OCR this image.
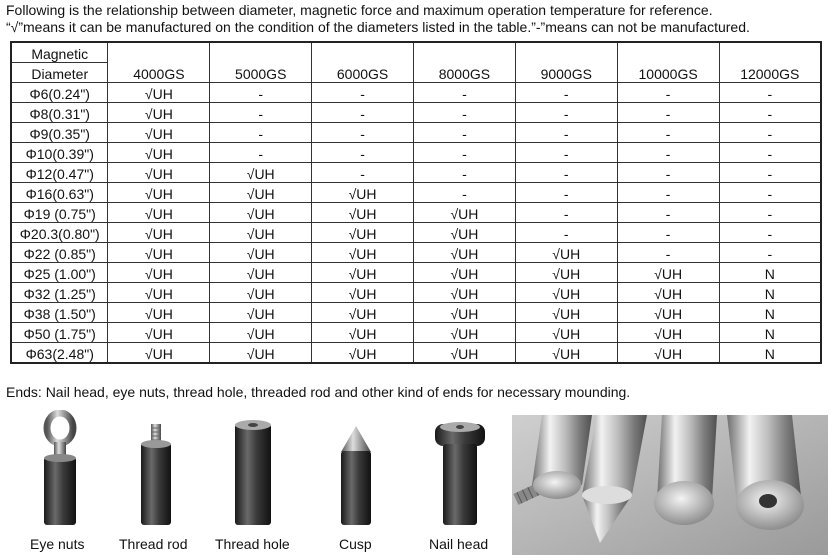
Following is the relationship between diameter, magnetic force and maximum operation temperature for reference.
“√”means it can be manufactured on the condition of the diameters listed in the table.”-”means can not be manufactured.
Magnetic	4000GS	5000GS	6000GS	8000GS	9000GS	10000GS	12000GS
Diameter							
Φ6(0.24")	√UH	-	-	-	-	-	-
Φ8(0.31")	√UH	-	-	-	-	-	-
Φ9(0.35")	√UH	-	-	-	-	-	-
Φ10(0.39")	√UH	-	-	-	-	-	-
Φ12(0.47")	√UH	√UH	-	-	-	-	-
Φ16(0.63")	√UH	√UH	√UH	-	-	-	-
Φ19 (0.75")	√UH	√UH	√UH	√UH	-	-	-
Φ20.3(0.80")	√UH	√UH	√UH	√UH	-	-	-
Φ22 (0.85")	√UH	√UH	√UH	√UH	√UH	-	-
Φ25 (1.00")	√UH	√UH	√UH	√UH	√UH	√UH	N
Φ32 (1.25")	√UH	√UH	√UH	√UH	√UH	√UH	N
Φ38 (1.50")	√UH	√UH	√UH	√UH	√UH	√UH	N
Φ50 (1.75")	√UH	√UH	√UH	√UH	√UH	√UH	N
Φ63(2.48")	√UH	√UH	√UH	√UH	√UH	√UH	N
Ends: Nail head, eye nuts, thread hole, threaded rod and other kind of ends for necessary mounding.
Eye nuts Thread rod Thread hole	Cusp	Nail head
